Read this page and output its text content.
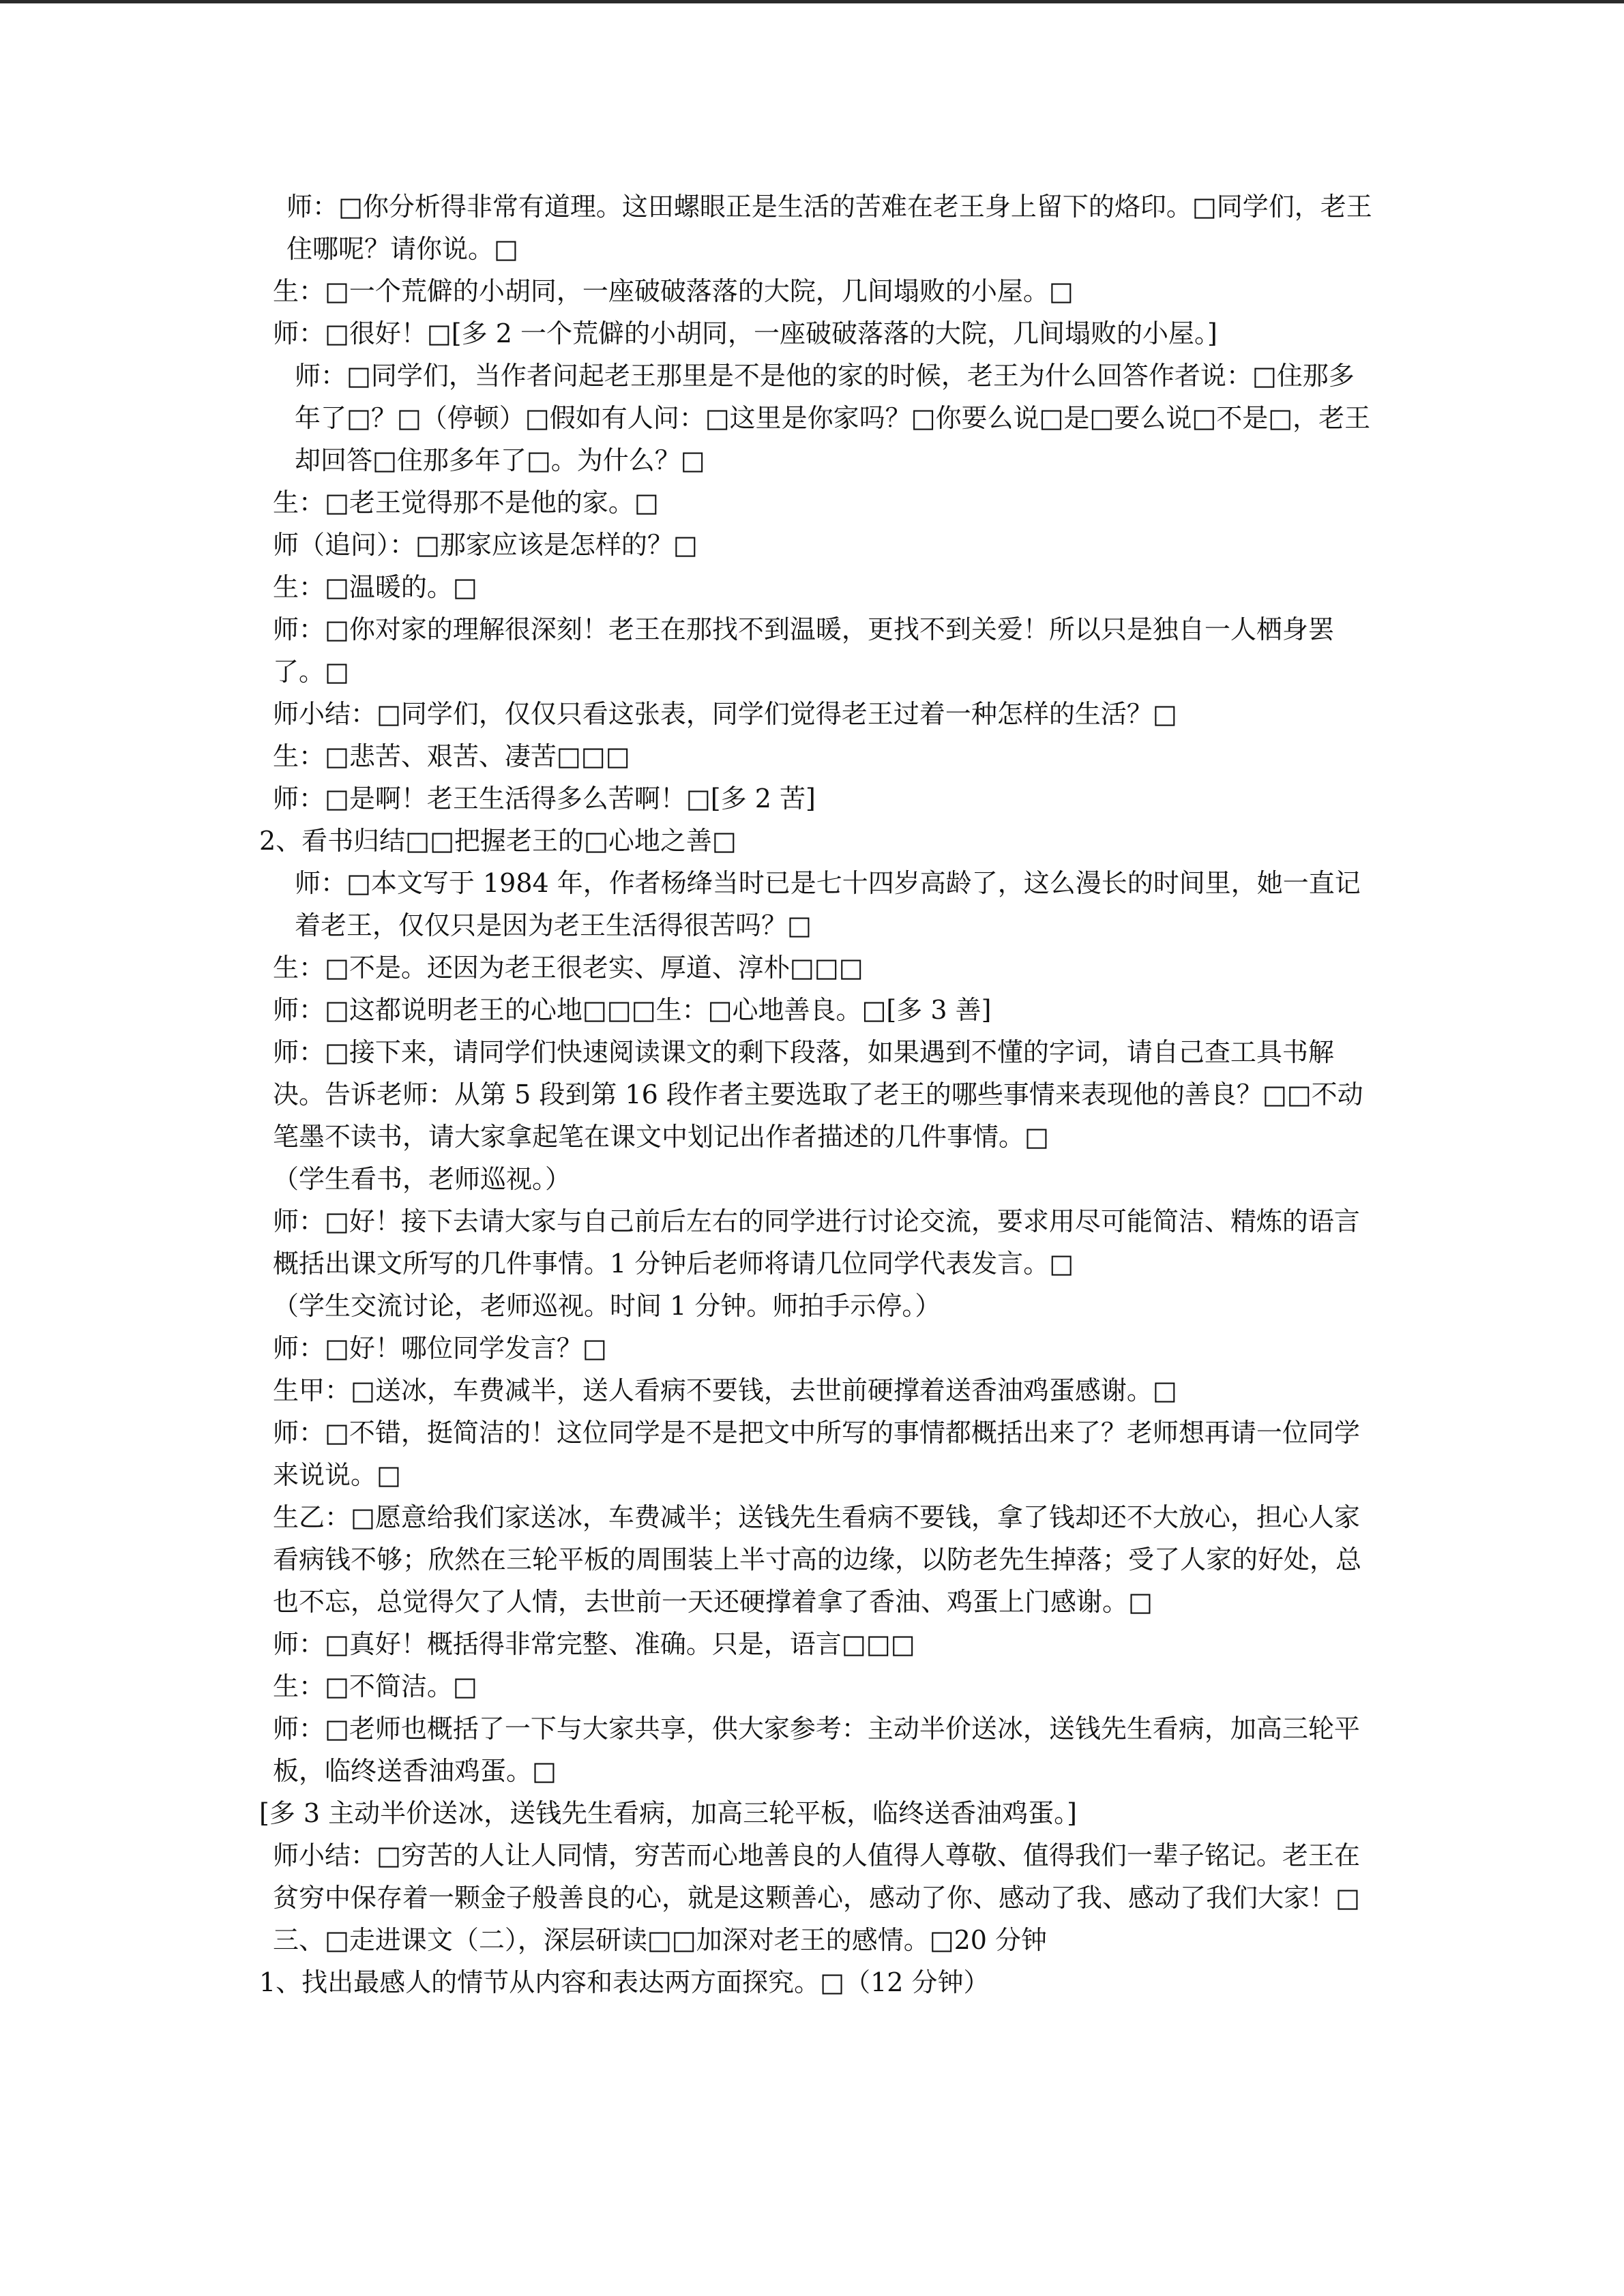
师：□你分析得非常有道理。这田螺眼正是生活的苦难在老王身上留下的烙印。□同学们，老王住哪呢？请你说。□

生：□一个荒僻的小胡同，一座破破落落的大院，几间塌败的小屋。□

师：□很好！□[多 2 一个荒僻的小胡同，一座破破落落的大院，几间塌败的小屋。]

师：□同学们，当作者问起老王那里是不是他的家的时候，老王为什么回答作者说：□住那多年了□？□（停顿）□假如有人问：□这里是你家吗？□你要么说□是□要么说□不是□，老王却回答□住那多年了□。为什么？□

生：□老王觉得那不是他的家。□

师（追问）：□那家应该是怎样的？□

生：□温暖的。□

师：□你对家的理解很深刻！老王在那找不到温暖，更找不到关爱！所以只是独自一人栖身罢了。□

师小结：□同学们，仅仅只看这张表，同学们觉得老王过着一种怎样的生活？□

生：□悲苦、艰苦、凄苦□□□

师：□是啊！老王生活得多么苦啊！□[多 2 苦]

2、看书归结□□把握老王的□心地之善□

师：□本文写于 1984 年，作者杨绛当时已是七十四岁高龄了，这么漫长的时间里，她一直记着老王，仅仅只是因为老王生活得很苦吗？□

生：□不是。还因为老王很老实、厚道、淳朴□□□

师：□这都说明老王的心地□□□生：□心地善良。□[多 3 善]

师：□接下来，请同学们快速阅读课文的剩下段落，如果遇到不懂的字词，请自己查工具书解决。告诉老师：从第 5 段到第 16 段作者主要选取了老王的哪些事情来表现他的善良？□□不动笔墨不读书，请大家拿起笔在课文中划记出作者描述的几件事情。□

（学生看书，老师巡视。）

师：□好！接下去请大家与自己前后左右的同学进行讨论交流，要求用尽可能简洁、精炼的语言概括出课文所写的几件事情。1 分钟后老师将请几位同学代表发言。□

（学生交流讨论，老师巡视。时间 1 分钟。师拍手示停。）

师：□好！哪位同学发言？□

生甲：□送冰，车费减半，送人看病不要钱，去世前硬撑着送香油鸡蛋感谢。□

师：□不错，挺简洁的！这位同学是不是把文中所写的事情都概括出来了？老师想再请一位同学来说说。□

生乙：□愿意给我们家送冰，车费减半；送钱先生看病不要钱，拿了钱却还不大放心，担心人家看病钱不够；欣然在三轮平板的周围装上半寸高的边缘，以防老先生掉落；受了人家的好处，总也不忘，总觉得欠了人情，去世前一天还硬撑着拿了香油、鸡蛋上门感谢。□

师：□真好！概括得非常完整、准确。只是，语言□□□

生：□不简洁。□

师：□老师也概括了一下与大家共享，供大家参考：主动半价送冰，送钱先生看病，加高三轮平板，临终送香油鸡蛋。□

[多 3 主动半价送冰，送钱先生看病，加高三轮平板，临终送香油鸡蛋。]

师小结：□穷苦的人让人同情，穷苦而心地善良的人值得人尊敬、值得我们一辈子铭记。老王在贫穷中保存着一颗金子般善良的心，就是这颗善心，感动了你、感动了我、感动了我们大家！□

三、□走进课文（二），深层研读□□加深对老王的感情。□20 分钟

1、找出最感人的情节从内容和表达两方面探究。□（12 分钟）
